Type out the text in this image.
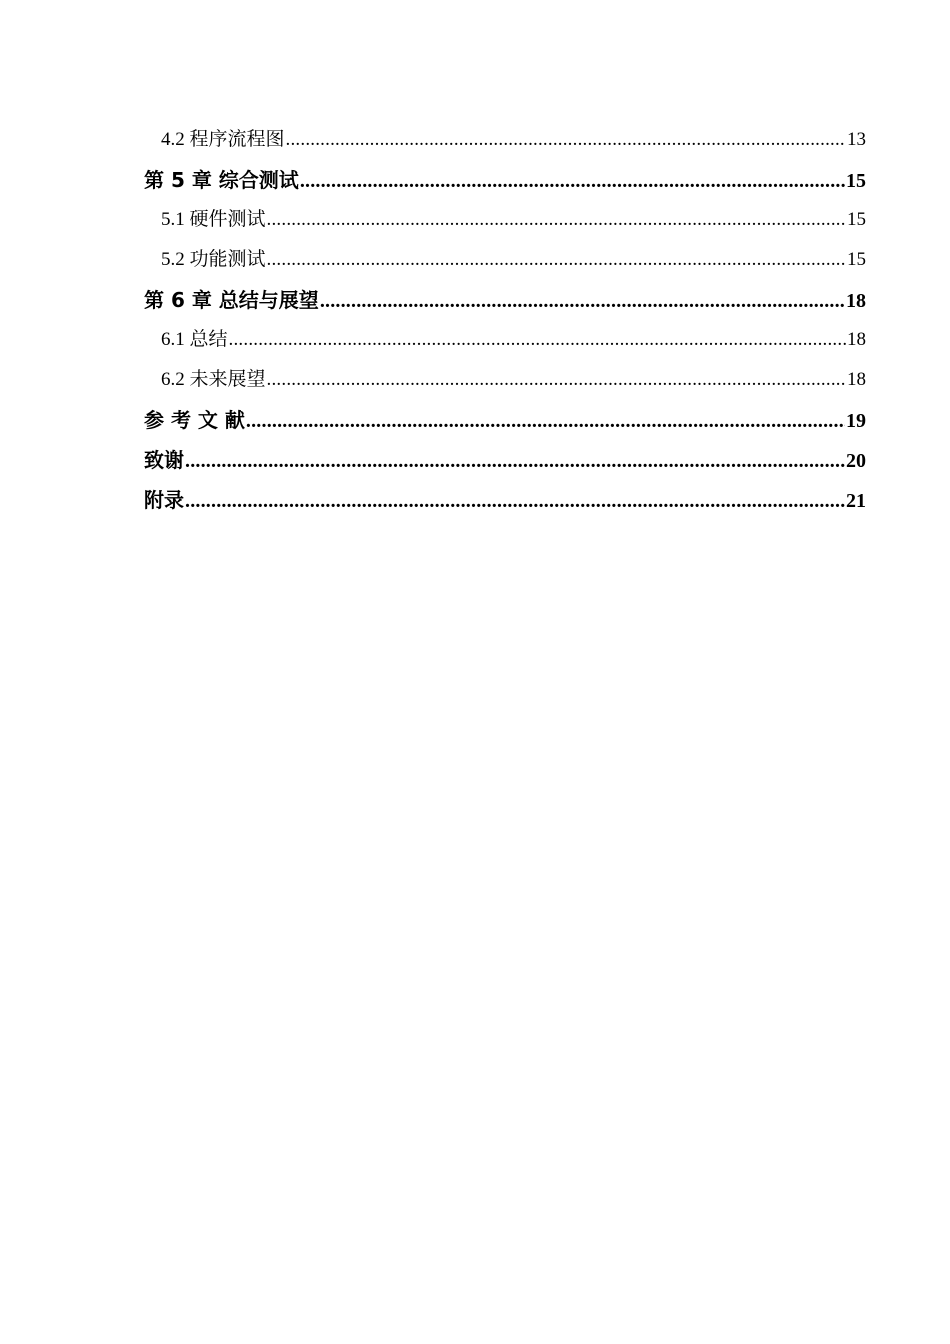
4.2 程序流程图 .....	13
第 5 章 综合测试 .....	15
5.1 硬件测试 .....	15
5.2 功能测试 .....	15
第 6 章 总结与展望 .....	18
6.1 总结 .....	18
6.2 未来展望 .....	18
参 考 文 献 .....	19
致谢 .....	20
附录 .....	21
